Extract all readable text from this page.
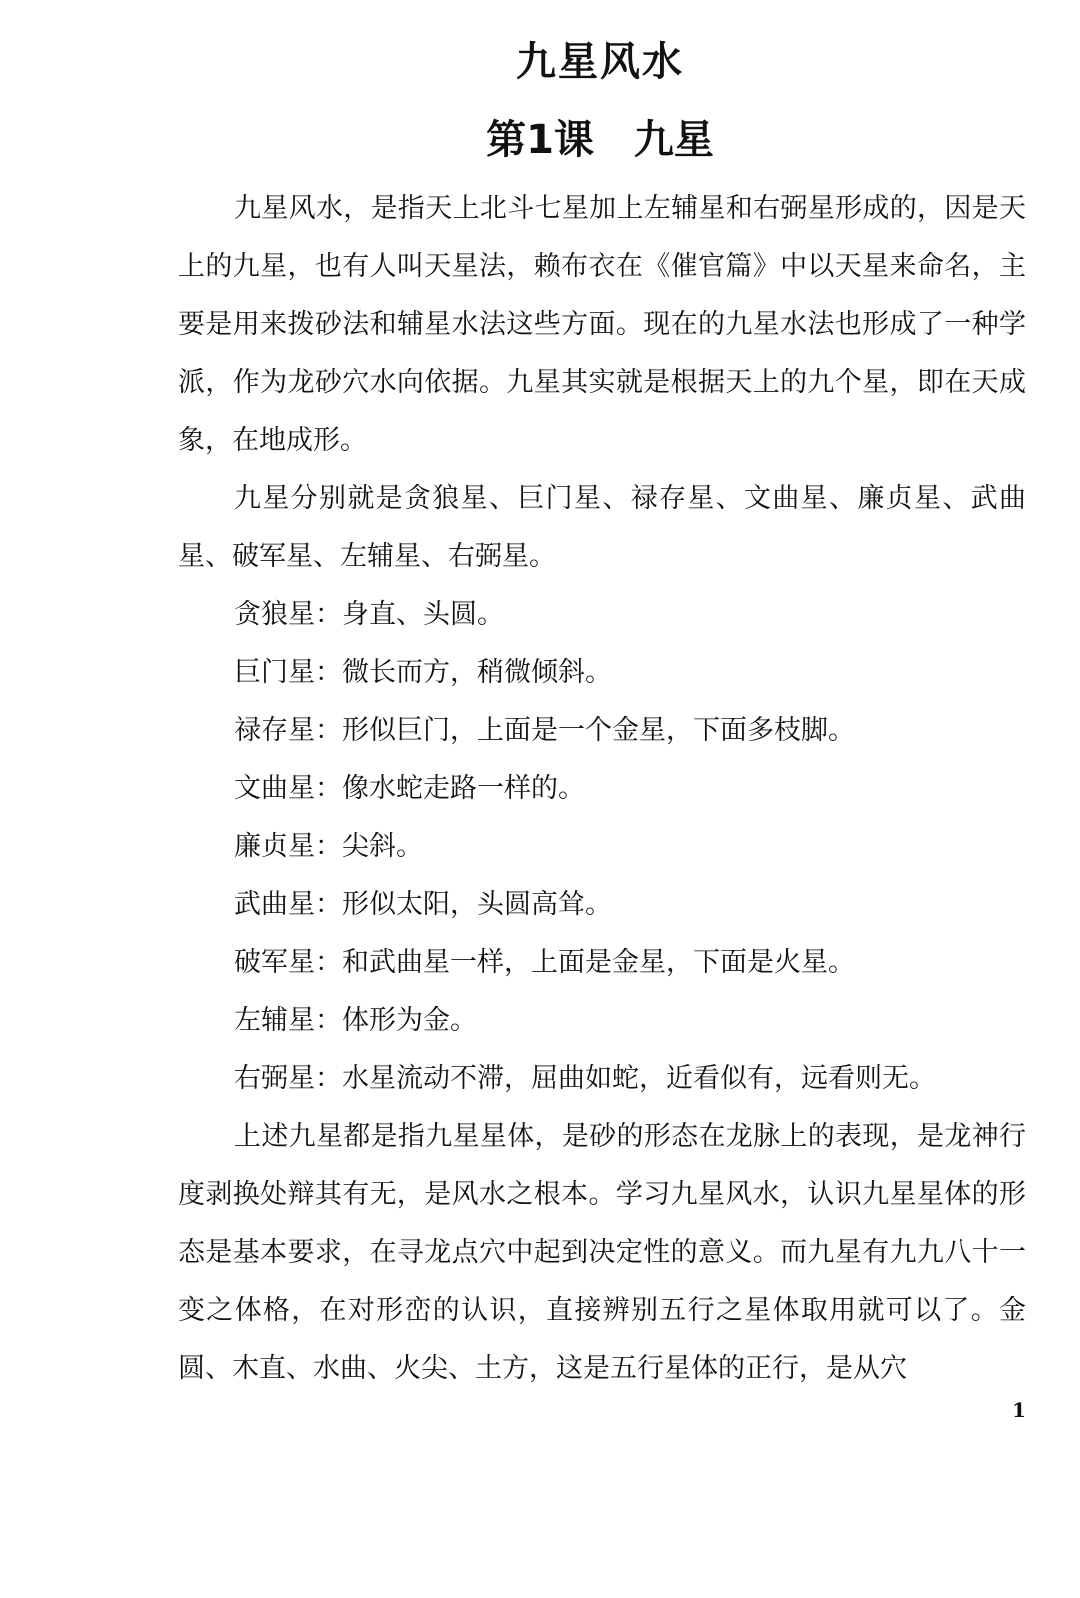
九星风水
第1课　九星

九星风水，是指天上北斗七星加上左辅星和右弼星形成的，因是天上的九星，也有人叫天星法，赖布衣在《催官篇》中以天星来命名，主要是用来拨砂法和辅星水法这些方面。现在的九星水法也形成了一种学派，作为龙砂穴水向依据。九星其实就是根据天上的九个星，即在天成象，在地成形。

九星分别就是贪狼星、巨门星、禄存星、文曲星、廉贞星、武曲星、破军星、左辅星、右弼星。

贪狼星：身直、头圆。

巨门星：微长而方，稍微倾斜。

禄存星：形似巨门，上面是一个金星，下面多枝脚。

文曲星：像水蛇走路一样的。

廉贞星：尖斜。

武曲星：形似太阳，头圆高耸。

破军星：和武曲星一样，上面是金星，下面是火星。

左辅星：体形为金。

右弼星：水星流动不滞，屈曲如蛇，近看似有，远看则无。

上述九星都是指九星星体，是砂的形态在龙脉上的表现，是龙神行度剥换处辩其有无，是风水之根本。学习九星风水，认识九星星体的形态是基本要求，在寻龙点穴中起到决定性的意义。而九星有九九八十一变之体格，在对形峦的认识，直接辨别五行之星体取用就可以了。金圆、木直、水曲、火尖、土方，这是五行星体的正行，是从穴

1
